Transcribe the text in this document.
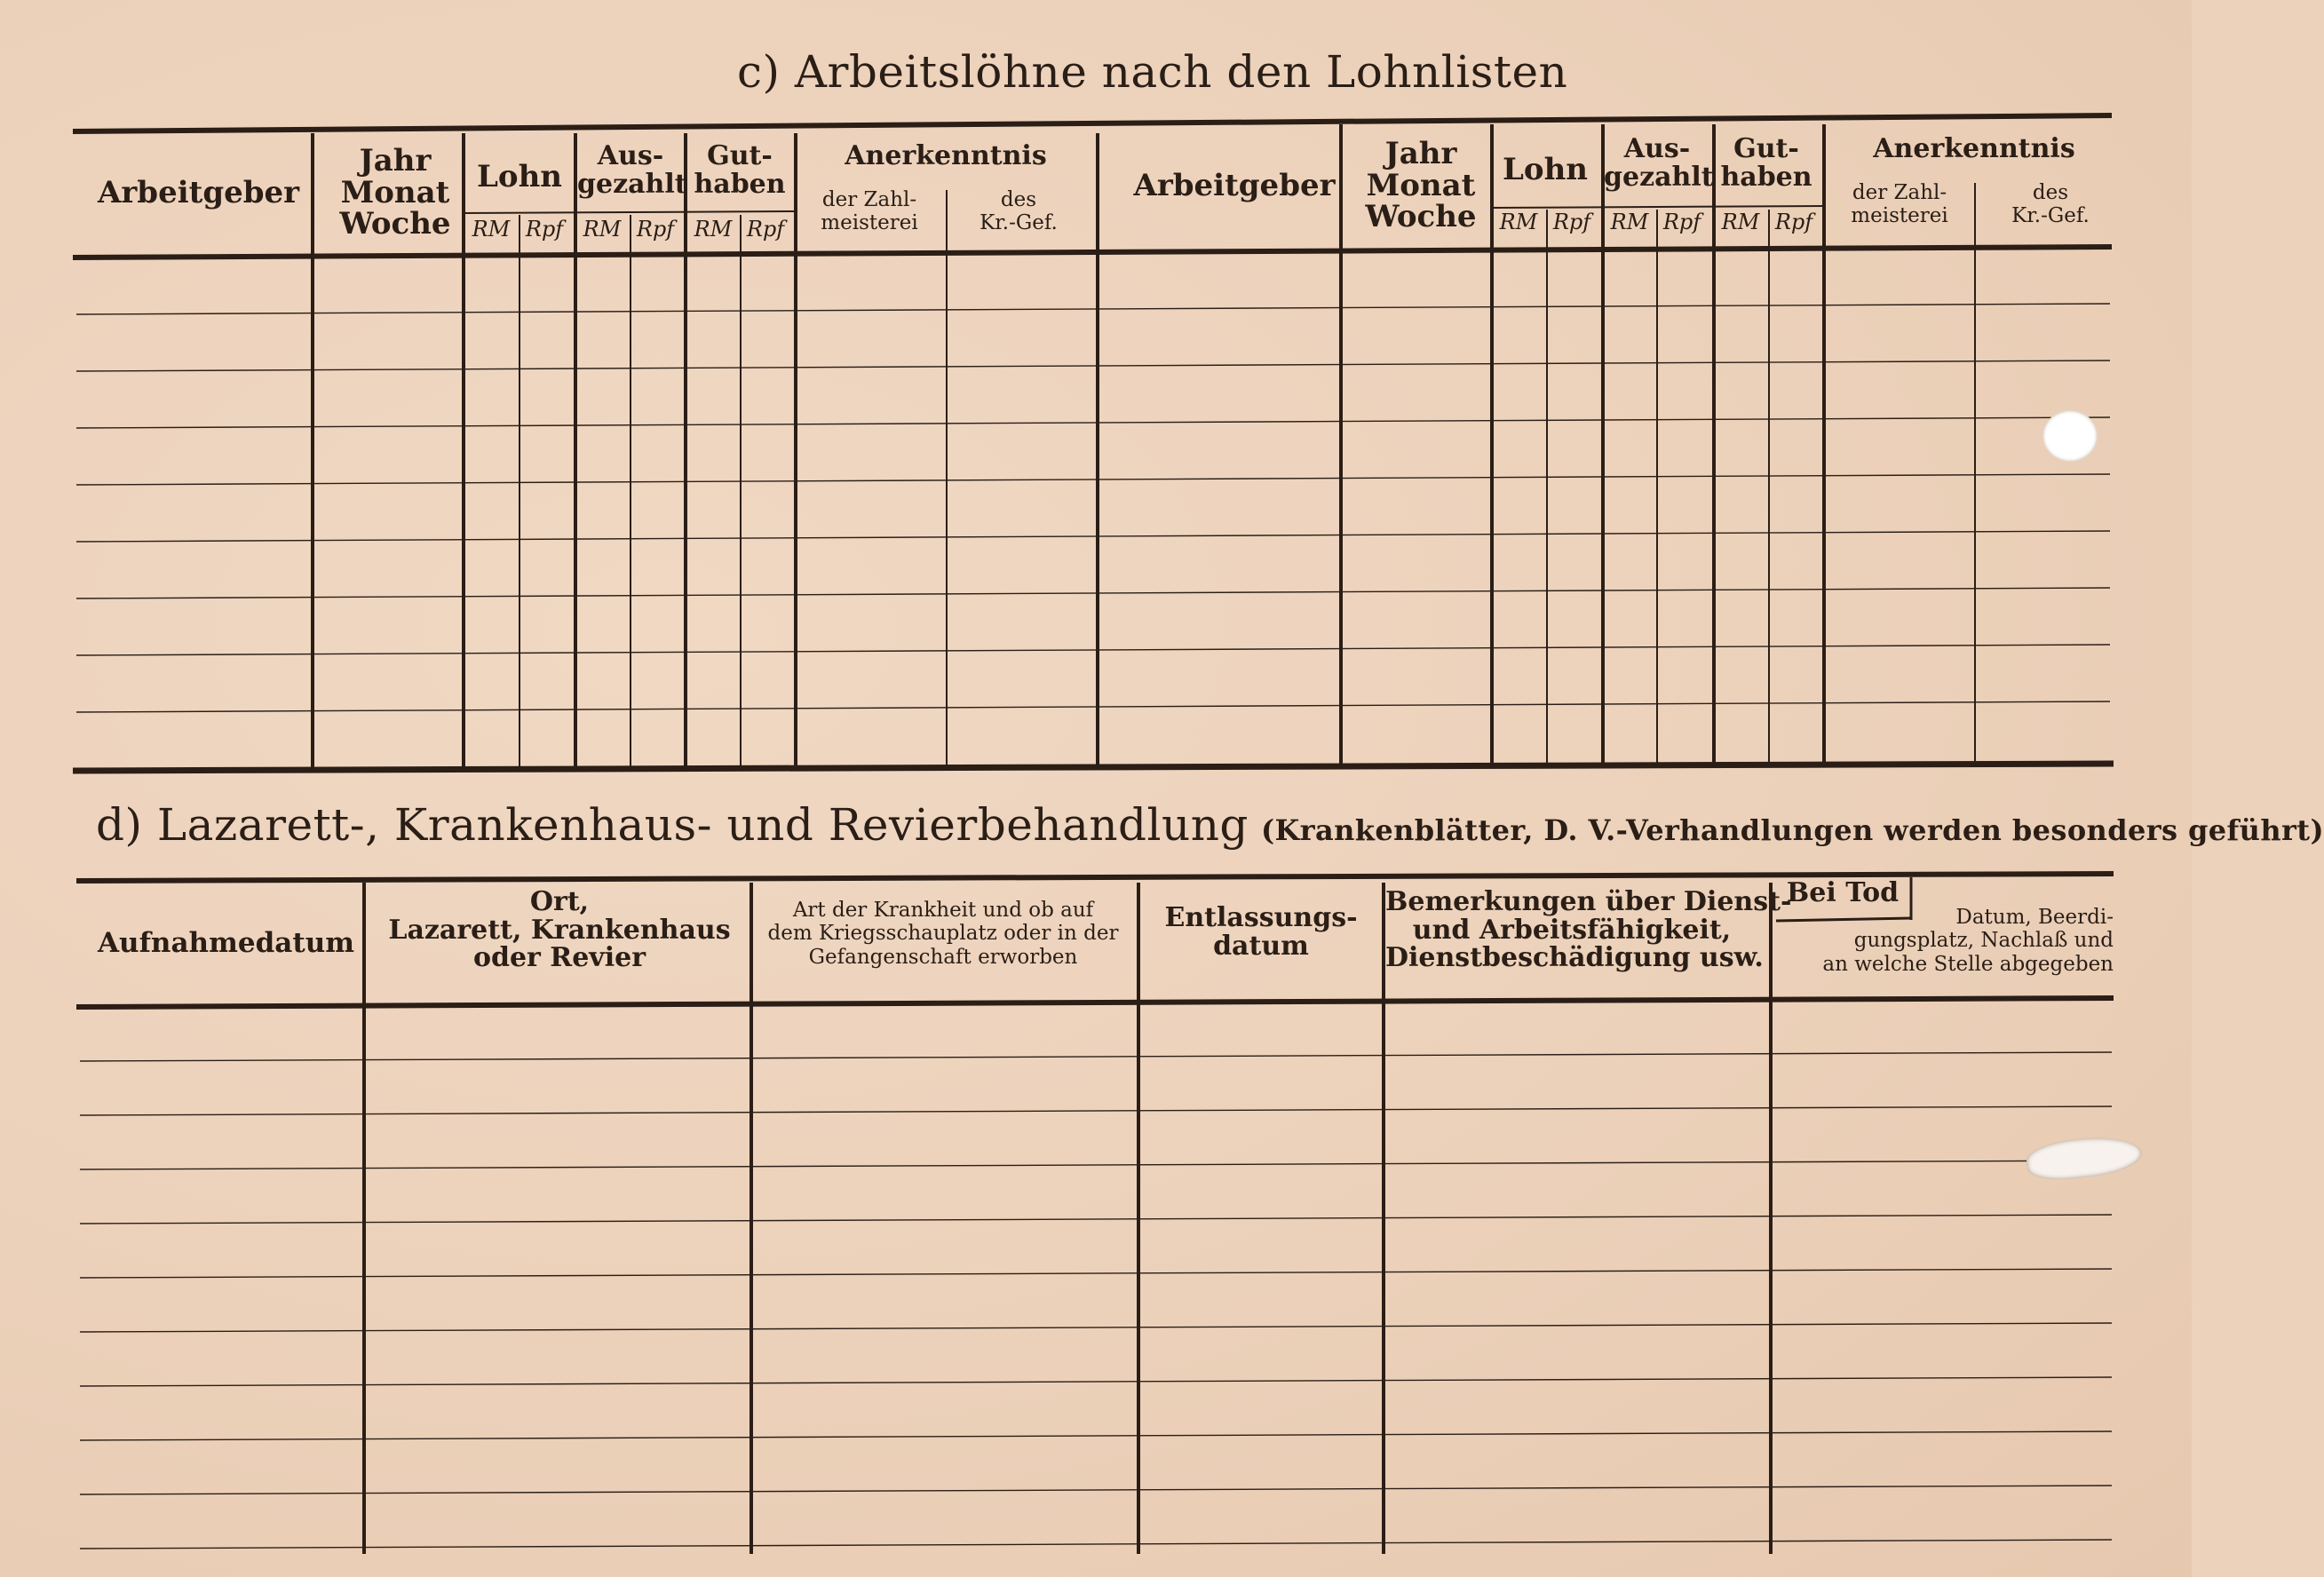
c) Arbeitslöhne nach den Lohnlisten
Arbeitgeber
Jahr
Monat
Woche
Lohn
Aus-
gezahlt
Gut-
haben
Anerkenntnis
der Zahl-
meisterei
des
Kr.-Gef.
RM Rpf RM Rpf RM Rpf
Arbeitgeber
Jahr
Monat
Woche
Lohn
Aus-
gezahlt
Gut-
haben
Anerkenntnis
der Zahl-
meisterei
des
Kr.-Gef.
RM Rpf RM Rpf RM Rpf
d) Lazarett-, Krankenhaus- und Revierbehandlung (Krankenblätter, D. V.-Verhandlungen werden besonders geführt)
Aufnahmedatum
Ort,
Lazarett, Krankenhaus
oder Revier
Art der Krankheit und ob auf
dem Kriegsschauplatz oder in der
Gefangenschaft erworben
Entlassungs-
datum
Bemerkungen über Dienst-
und Arbeitsfähigkeit,
Dienstbeschädigung usw.
Bei Tod
Datum, Beerdi-
gungsplatz, Nachlaß und
an welche Stelle abgegeben
